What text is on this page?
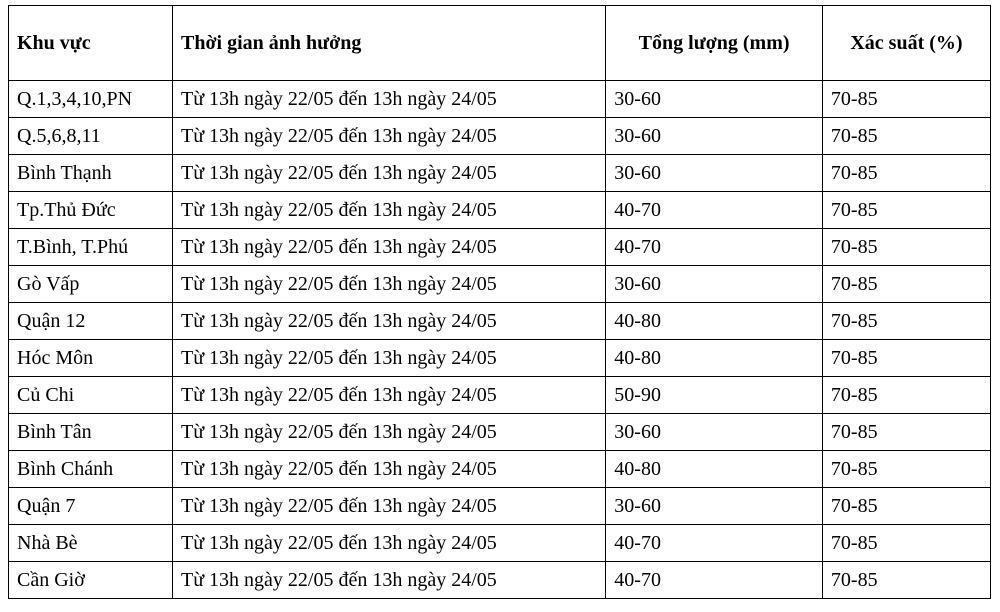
Khu vực	Thời gian ảnh hưởng	Tổng lượng (mm)	Xác suất (%)
Q.1,3,4,10,PN	Từ 13h ngày 22/05 đến 13h ngày 24/05	30-60	70-85
Q.5,6,8,11	Từ 13h ngày 22/05 đến 13h ngày 24/05	30-60	70-85
Bình Thạnh	Từ 13h ngày 22/05 đến 13h ngày 24/05	30-60	70-85
Tp.Thủ Đức	Từ 13h ngày 22/05 đến 13h ngày 24/05	40-70	70-85
T.Bình, T.Phú	Từ 13h ngày 22/05 đến 13h ngày 24/05	40-70	70-85
Gò Vấp	Từ 13h ngày 22/05 đến 13h ngày 24/05	30-60	70-85
Quận 12	Từ 13h ngày 22/05 đến 13h ngày 24/05	40-80	70-85
Hóc Môn	Từ 13h ngày 22/05 đến 13h ngày 24/05	40-80	70-85
Củ Chi	Từ 13h ngày 22/05 đến 13h ngày 24/05	50-90	70-85
Bình Tân	Từ 13h ngày 22/05 đến 13h ngày 24/05	30-60	70-85
Bình Chánh	Từ 13h ngày 22/05 đến 13h ngày 24/05	40-80	70-85
Quận 7	Từ 13h ngày 22/05 đến 13h ngày 24/05	30-60	70-85
Nhà Bè	Từ 13h ngày 22/05 đến 13h ngày 24/05	40-70	70-85
Cần Giờ	Từ 13h ngày 22/05 đến 13h ngày 24/05	40-70	70-85
